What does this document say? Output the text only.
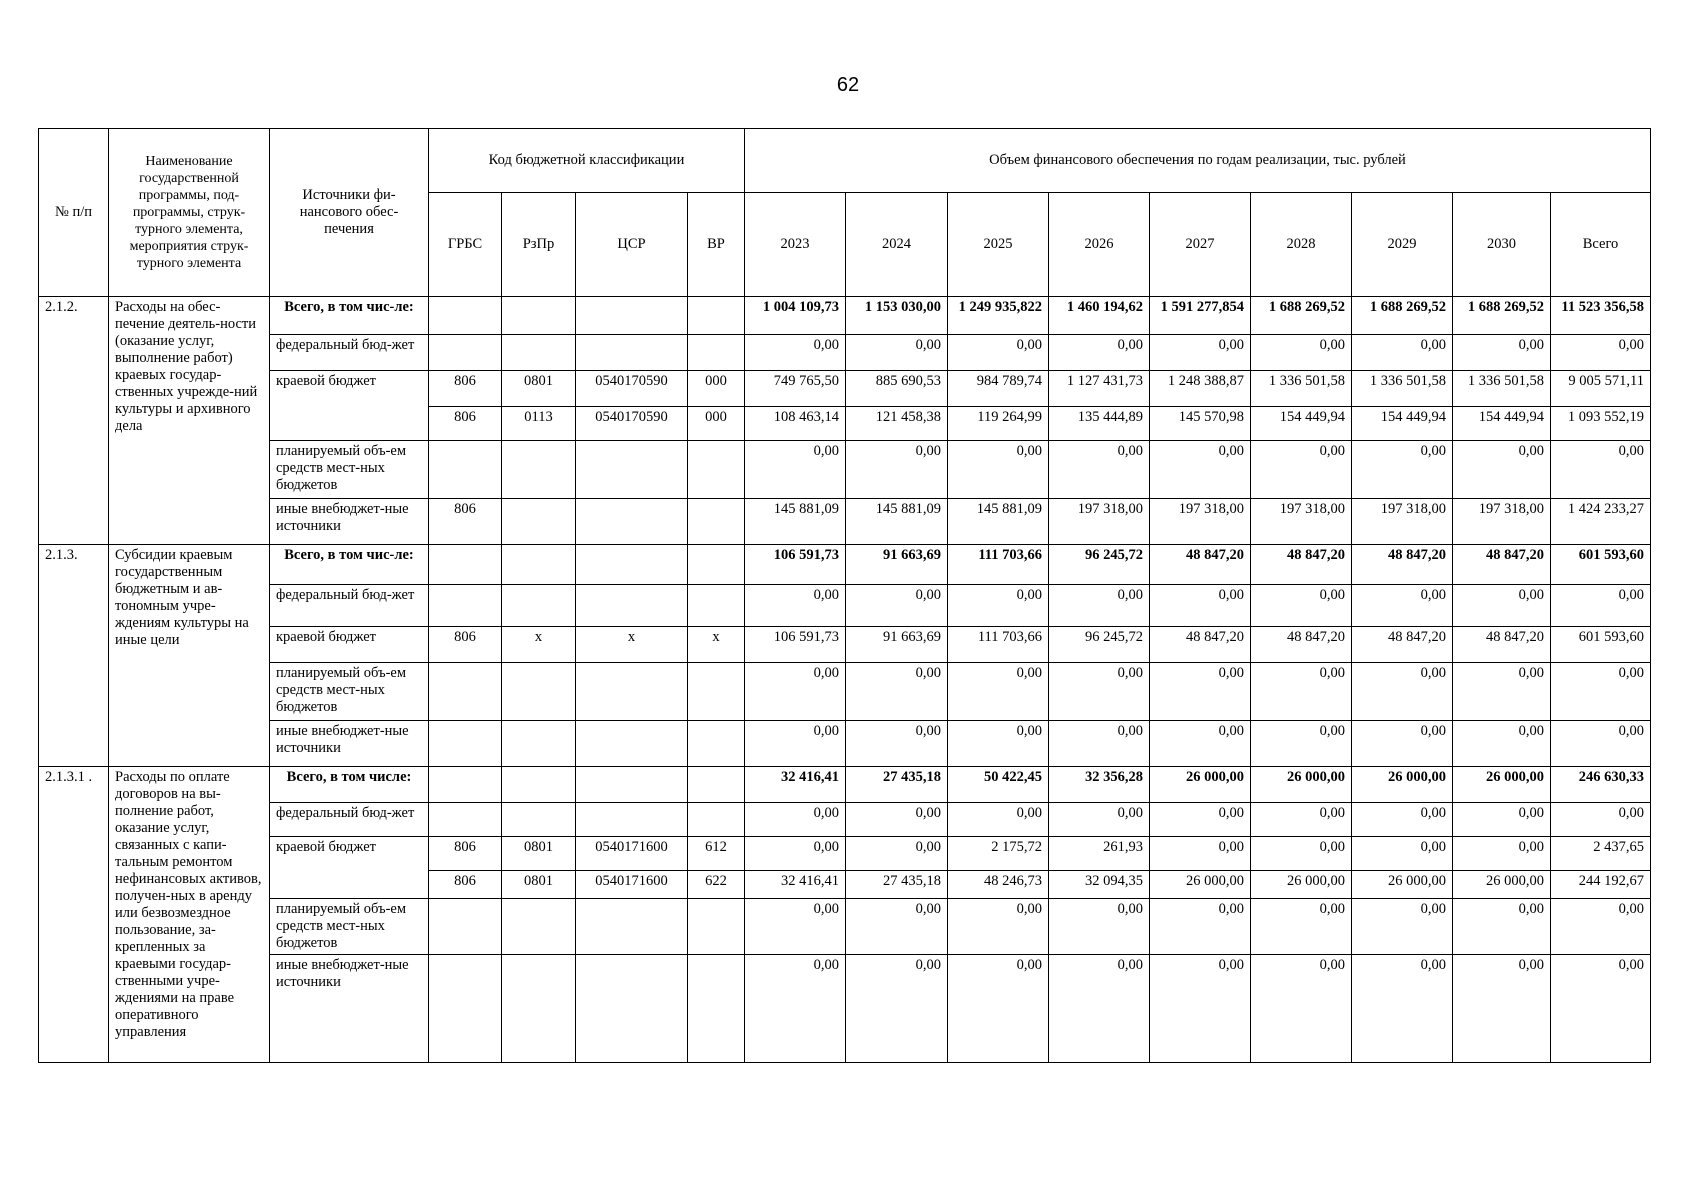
62
№ п/п	Наименование государственной программы, под-программы, струк-турного элемента, мероприятия струк-турного элемента	Источники фи-нансового обес-печения	Код бюджетной классификации				Объем финансового обеспечения по годам реализации, тыс. рублей								
			ГРБС	РзПр	ЦСР	ВР	2023	2024	2025	2026	2027	2028	2029	2030	Всего
2.1.2.	Расходы на обес-печение деятель-ности (оказание услуг, выполнение работ) краевых государ-ственных учрежде-ний культуры и архивного дела	Всего, в том чис-ле:					1 004 109,73	1 153 030,00	1 249 935,822	1 460 194,62	1 591 277,854	1 688 269,52	1 688 269,52	1 688 269,52	11 523 356,58
		федеральный бюд-жет					0,00	0,00	0,00	0,00	0,00	0,00	0,00	0,00	0,00
		краевой бюджет	806	0801	0540170590	000	749 765,50	885 690,53	984 789,74	1 127 431,73	1 248 388,87	1 336 501,58	1 336 501,58	1 336 501,58	9 005 571,11
			806	0113	0540170590	000	108 463,14	121 458,38	119 264,99	135 444,89	145 570,98	154 449,94	154 449,94	154 449,94	1 093 552,19
		планируемый объ-ем средств мест-ных бюджетов					0,00	0,00	0,00	0,00	0,00	0,00	0,00	0,00	0,00
		иные внебюджет-ные источники	806				145 881,09	145 881,09	145 881,09	197 318,00	197 318,00	197 318,00	197 318,00	197 318,00	1 424 233,27
2.1.3.	Субсидии краевым государственным бюджетным и ав-тономным учре-ждениям культуры на иные цели	Всего, в том чис-ле:					106 591,73	91 663,69	111 703,66	96 245,72	48 847,20	48 847,20	48 847,20	48 847,20	601 593,60
		федеральный бюд-жет					0,00	0,00	0,00	0,00	0,00	0,00	0,00	0,00	0,00
		краевой бюджет	806	x	x	x	106 591,73	91 663,69	111 703,66	96 245,72	48 847,20	48 847,20	48 847,20	48 847,20	601 593,60
		планируемый объ-ем средств мест-ных бюджетов					0,00	0,00	0,00	0,00	0,00	0,00	0,00	0,00	0,00
		иные внебюджет-ные источники					0,00	0,00	0,00	0,00	0,00	0,00	0,00	0,00	0,00
2.1.3.1 .	Расходы по оплате договоров на вы-полнение работ, оказание услуг, связанных с капи-тальным ремонтом нефинансовых активов, получен-ных в аренду или безвозмездное пользование, за-крепленных за краевыми государ-ственными учре-ждениями на праве оперативного управления	Всего, в том числе:					32 416,41	27 435,18	50 422,45	32 356,28	26 000,00	26 000,00	26 000,00	26 000,00	246 630,33
		федеральный бюд-жет					0,00	0,00	0,00	0,00	0,00	0,00	0,00	0,00	0,00
		краевой бюджет	806	0801	0540171600	612	0,00	0,00	2 175,72	261,93	0,00	0,00	0,00	0,00	2 437,65
			806	0801	0540171600	622	32 416,41	27 435,18	48 246,73	32 094,35	26 000,00	26 000,00	26 000,00	26 000,00	244 192,67
		планируемый объ-ем средств мест-ных бюджетов					0,00	0,00	0,00	0,00	0,00	0,00	0,00	0,00	0,00
		иные внебюджет-ные источники					0,00	0,00	0,00	0,00	0,00	0,00	0,00	0,00	0,00
